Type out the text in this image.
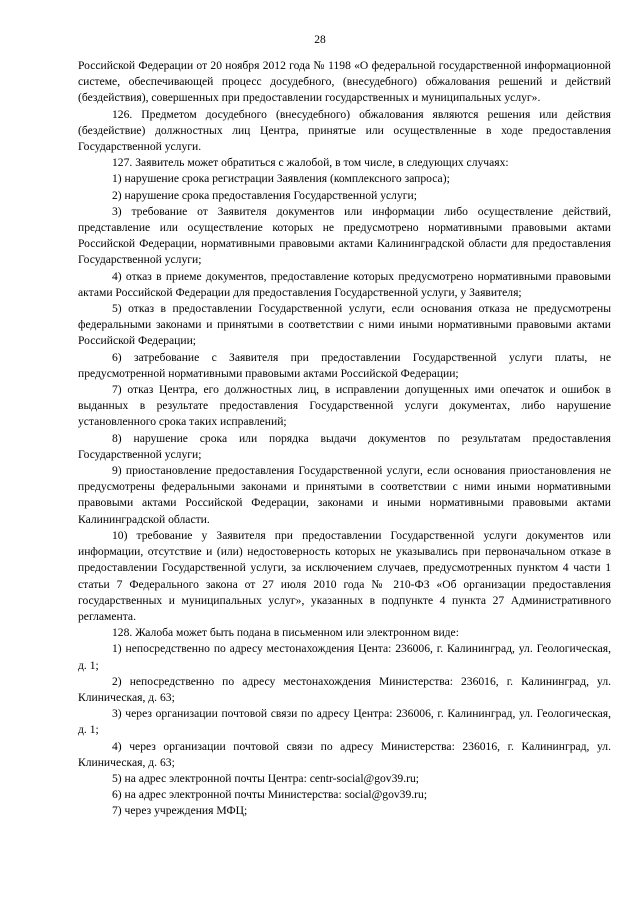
28

Российской Федерации от 20 ноября 2012 года № 1198 «О федеральной государственной информационной системе, обеспечивающей процесс досудебного, (внесудебного) обжалования решений и действий (бездействия), совершенных при предоставлении государственных и муниципальных услуг».

126. Предметом досудебного (внесудебного) обжалования являются решения или действия (бездействие) должностных лиц Центра, принятые или осуществленные в ходе предоставления Государственной услуги.

127. Заявитель может обратиться с жалобой, в том числе, в следующих случаях:

1) нарушение срока регистрации Заявления (комплексного запроса);

2) нарушение срока предоставления Государственной услуги;

3) требование от Заявителя документов или информации либо осуществление действий, представление или осуществление которых не предусмотрено нормативными правовыми актами Российской Федерации, нормативными правовыми актами Калининградской области для предоставления Государственной услуги;

4) отказ в приеме документов, предоставление которых предусмотрено нормативными правовыми актами Российской Федерации для предоставления Государственной услуги, у Заявителя;

5) отказ в предоставлении Государственной услуги, если основания отказа не предусмотрены федеральными законами и принятыми в соответствии с ними иными нормативными правовыми актами Российской Федерации;

6) затребование с Заявителя при предоставлении Государственной услуги платы, не предусмотренной нормативными правовыми актами Российской Федерации;

7) отказ Центра, его должностных лиц, в исправлении допущенных ими опечаток и ошибок в выданных в результате предоставления Государственной услуги документах, либо нарушение установленного срока таких исправлений;

8) нарушение срока или порядка выдачи документов по результатам предоставления Государственной услуги;

9) приостановление предоставления Государственной услуги, если основания приостановления не предусмотрены федеральными законами и принятыми в соответствии с ними иными нормативными правовыми актами Российской Федерации, законами и иными нормативными правовыми актами Калининградской области.

10) требование у Заявителя при предоставлении Государственной услуги документов или информации, отсутствие и (или) недостоверность которых не указывались при первоначальном отказе в предоставлении Государственной услуги, за исключением случаев, предусмотренных пунктом 4 части 1 статьи 7 Федерального закона от 27 июля 2010 года № 210-ФЗ «Об организации предоставления государственных и муниципальных услуг», указанных в подпункте 4 пункта 27 Административного регламента.

128. Жалоба может быть подана в письменном или электронном виде:

1) непосредственно по адресу местонахождения Цента: 236006, г. Калининград, ул. Геологическая, д. 1;

2) непосредственно по адресу местонахождения Министерства: 236016, г. Калининград, ул. Клиническая, д. 63;

3) через организации почтовой связи по адресу Центра: 236006, г. Калининград, ул. Геологическая, д. 1;

4) через организации почтовой связи по адресу Министерства: 236016, г. Калининград, ул. Клиническая, д. 63;

5) на адрес электронной почты Центра: centr-social@gov39.ru;

6) на адрес электронной почты Министерства: social@gov39.ru;

7) через учреждения МФЦ;
